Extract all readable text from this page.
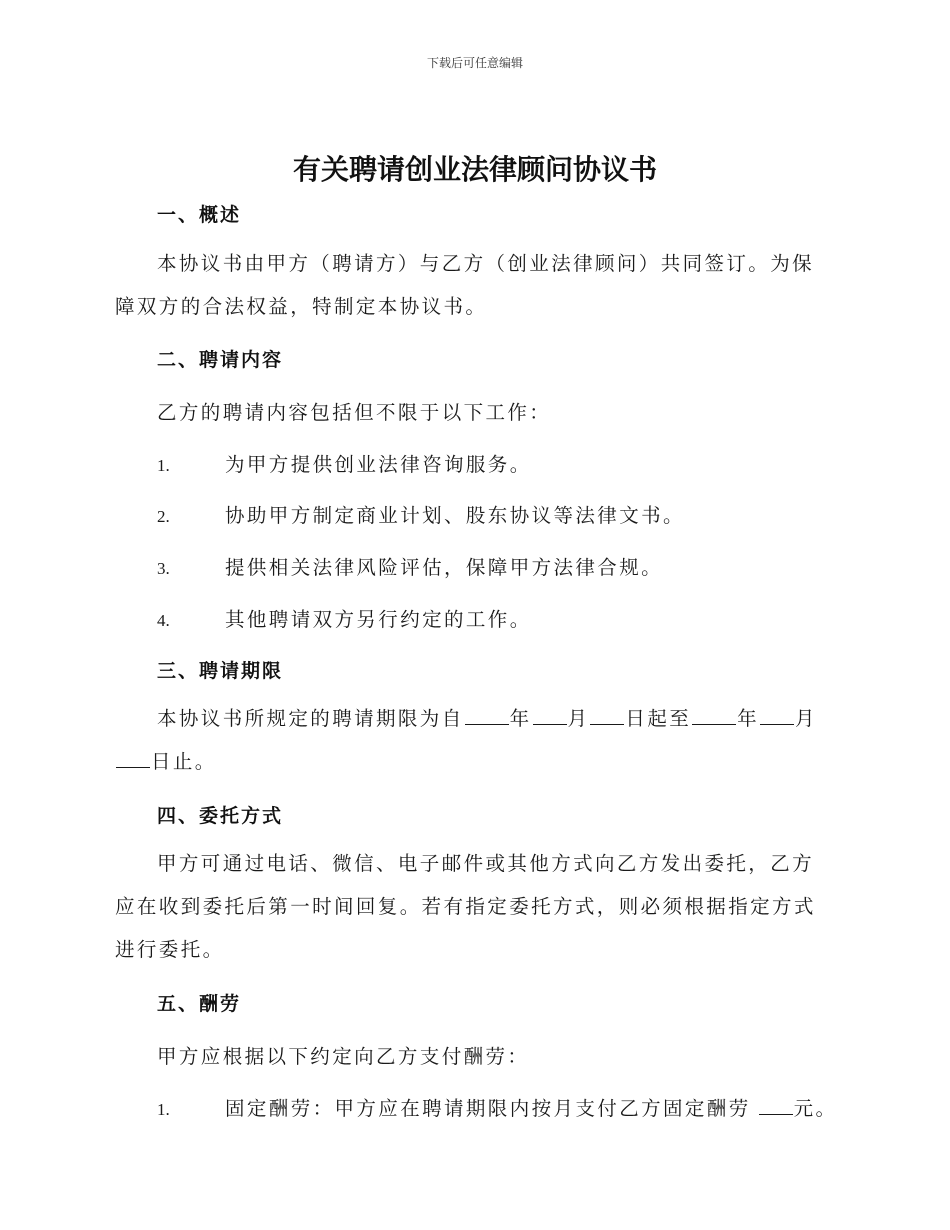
下载后可任意编辑
有关聘请创业法律顾问协议书
一、概述
本协议书由甲方（聘请方）与乙方（创业法律顾问）共同签订。为保障双方的合法权益，特制定本协议书。
二、聘请内容
乙方的聘请内容包括但不限于以下工作：
1.	为甲方提供创业法律咨询服务。
2.	协助甲方制定商业计划、股东协议等法律文书。
3.	提供相关法律风险评估，保障甲方法律合规。
4.	其他聘请双方另行约定的工作。
三、聘请期限
本协议书所规定的聘请期限为自 年 月 日起至 年 月日止。
四、委托方式
甲方可通过电话、微信、电子邮件或其他方式向乙方发出委托，乙方应在收到委托后第一时间回复。若有指定委托方式，则必须根据指定方式进行委托。
五、酬劳
甲方应根据以下约定向乙方支付酬劳：
1.	固定酬劳：甲方应在聘请期限内按月支付乙方固定酬劳 元。
